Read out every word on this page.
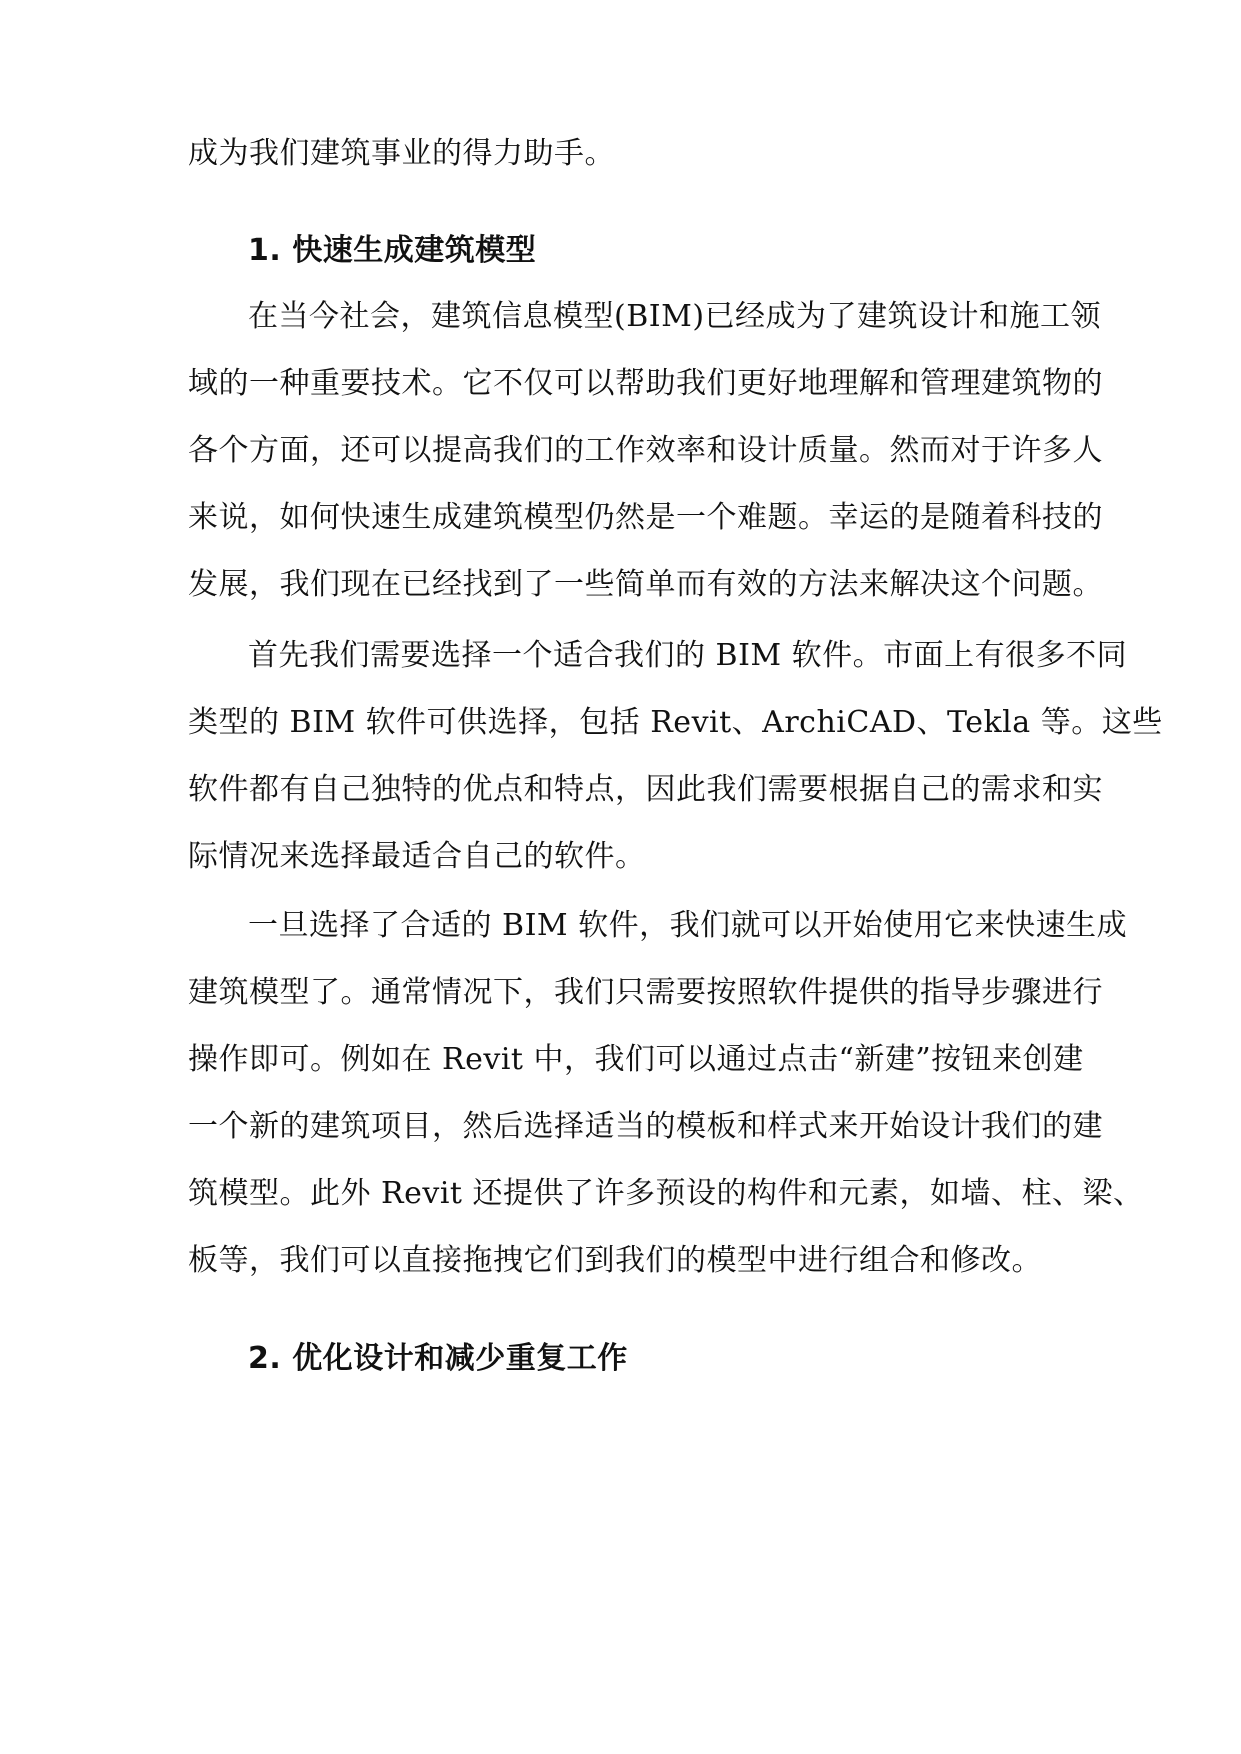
成为我们建筑事业的得力助手。
1. 快速生成建筑模型
在当今社会，建筑信息模型(BIM)已经成为了建筑设计和施工领
域的一种重要技术。它不仅可以帮助我们更好地理解和管理建筑物的
各个方面，还可以提高我们的工作效率和设计质量。然而对于许多人
来说，如何快速生成建筑模型仍然是一个难题。幸运的是随着科技的
发展，我们现在已经找到了一些简单而有效的方法来解决这个问题。
首先我们需要选择一个适合我们的 BIM 软件。市面上有很多不同
类型的 BIM 软件可供选择，包括 Revit、ArchiCAD、Tekla 等。这些
软件都有自己独特的优点和特点，因此我们需要根据自己的需求和实
际情况来选择最适合自己的软件。
一旦选择了合适的 BIM 软件，我们就可以开始使用它来快速生成
建筑模型了。通常情况下，我们只需要按照软件提供的指导步骤进行
操作即可。例如在 Revit 中，我们可以通过点击“新建”按钮来创建
一个新的建筑项目，然后选择适当的模板和样式来开始设计我们的建
筑模型。此外 Revit 还提供了许多预设的构件和元素，如墙、柱、梁、
板等，我们可以直接拖拽它们到我们的模型中进行组合和修改。
2. 优化设计和减少重复工作
